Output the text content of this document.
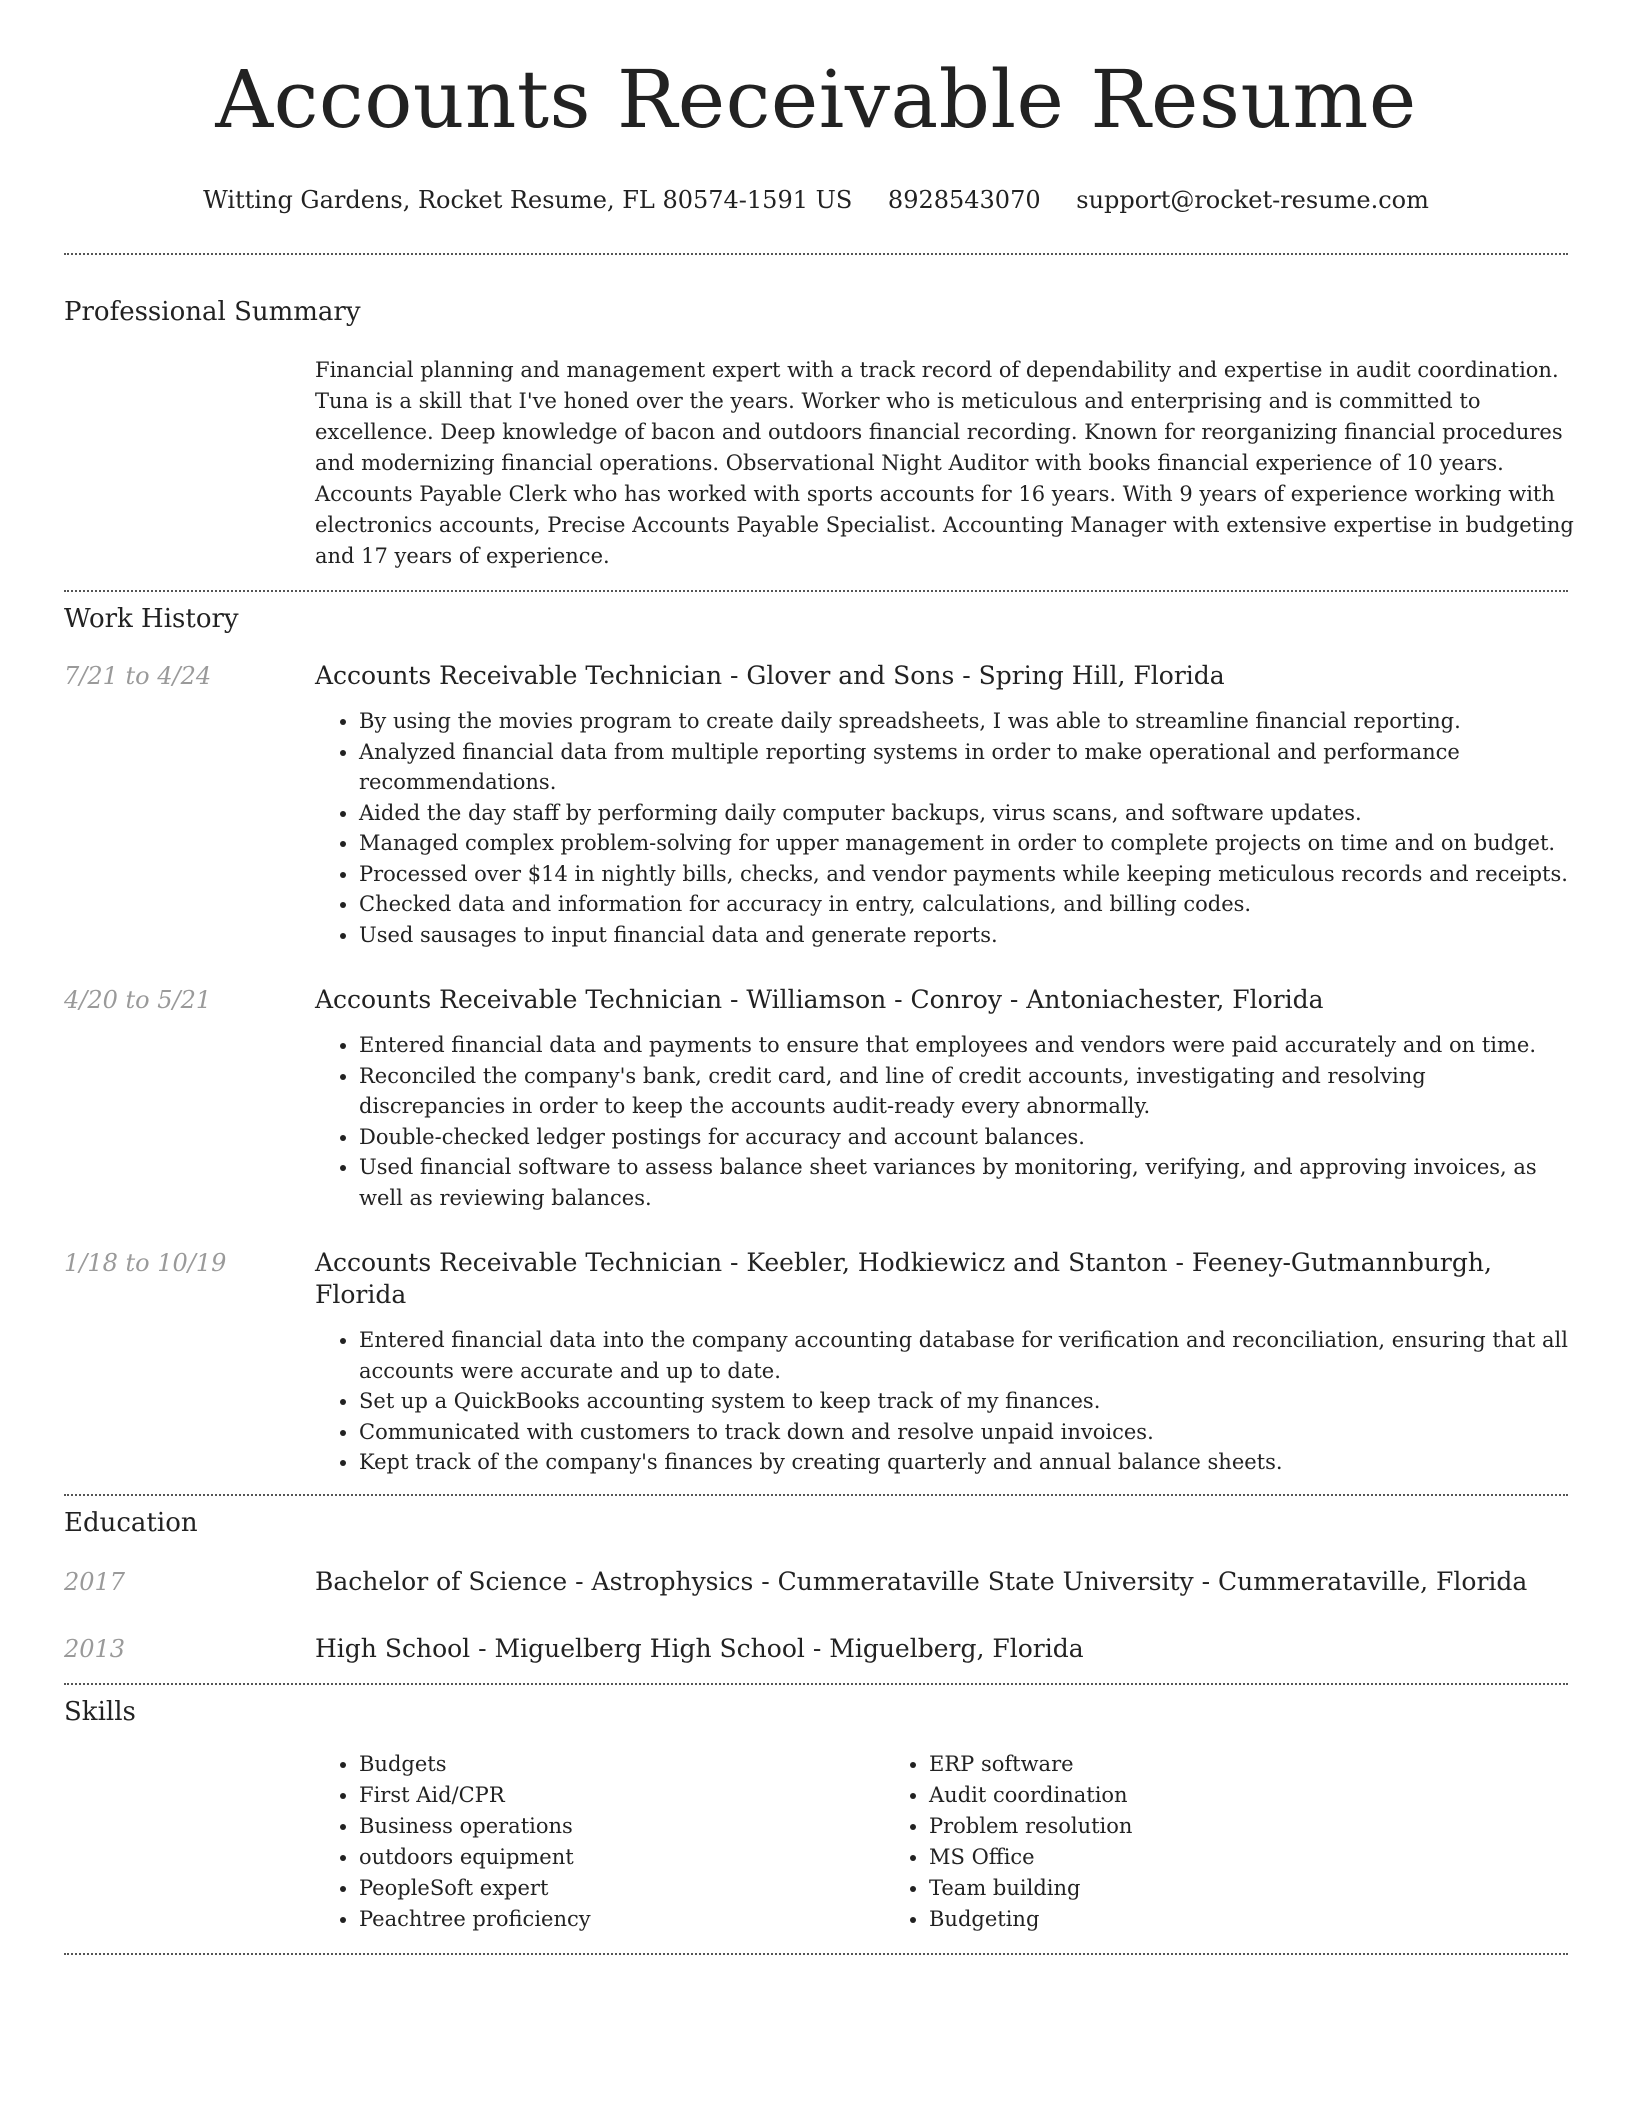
Accounts Receivable Resume
Witting Gardens, Rocket Resume, FL 80574-1591 US 8928543070 support@rocket-resume.com
Professional Summary

Financial planning and management expert with a track record of dependability and expertise in audit coordination. Tuna is a skill that I've honed over the years. Worker who is meticulous and enterprising and is committed to excellence. Deep knowledge of bacon and outdoors financial recording. Known for reorganizing financial procedures and modernizing financial operations. Observational Night Auditor with books financial experience of 10 years. Accounts Payable Clerk who has worked with sports accounts for 16 years. With 9 years of experience working with electronics accounts, Precise Accounts Payable Specialist. Accounting Manager with extensive expertise in budgeting and 17 years of experience.

Work History
7/21 to 4/24	Accounts Receivable Technician - Glover and Sons - Spring Hill, Florida
• By using the movies program to create daily spreadsheets, I was able to streamline financial reporting.
• Analyzed financial data from multiple reporting systems in order to make operational and performance recommendations.
• Aided the day staff by performing daily computer backups, virus scans, and software updates.
• Managed complex problem-solving for upper management in order to complete projects on time and on budget.
• Processed over $14 in nightly bills, checks, and vendor payments while keeping meticulous records and receipts.
• Checked data and information for accuracy in entry, calculations, and billing codes.
• Used sausages to input financial data and generate reports.
4/20 to 5/21	Accounts Receivable Technician - Williamson - Conroy - Antoniachester, Florida
• Entered financial data and payments to ensure that employees and vendors were paid accurately and on time.
• Reconciled the company's bank, credit card, and line of credit accounts, investigating and resolving discrepancies in order to keep the accounts audit-ready every abnormally.
• Double-checked ledger postings for accuracy and account balances.
• Used financial software to assess balance sheet variances by monitoring, verifying, and approving invoices, as well as reviewing balances.
1/18 to 10/19	Accounts Receivable Technician - Keebler, Hodkiewicz and Stanton - Feeney-Gutmannburgh, Florida
• Entered financial data into the company accounting database for verification and reconciliation, ensuring that all accounts were accurate and up to date.
• Set up a QuickBooks accounting system to keep track of my finances.
• Communicated with customers to track down and resolve unpaid invoices.
• Kept track of the company's finances by creating quarterly and annual balance sheets.
Education
2017	Bachelor of Science - Astrophysics - Cummerataville State University - Cummerataville, Florida
2013	High School - Miguelberg High School - Miguelberg, Florida
Skills
• Budgets
• First Aid/CPR
• Business operations
• outdoors equipment
• PeopleSoft expert
• Peachtree proficiency
• ERP software
• Audit coordination
• Problem resolution
• MS Office
• Team building
• Budgeting
